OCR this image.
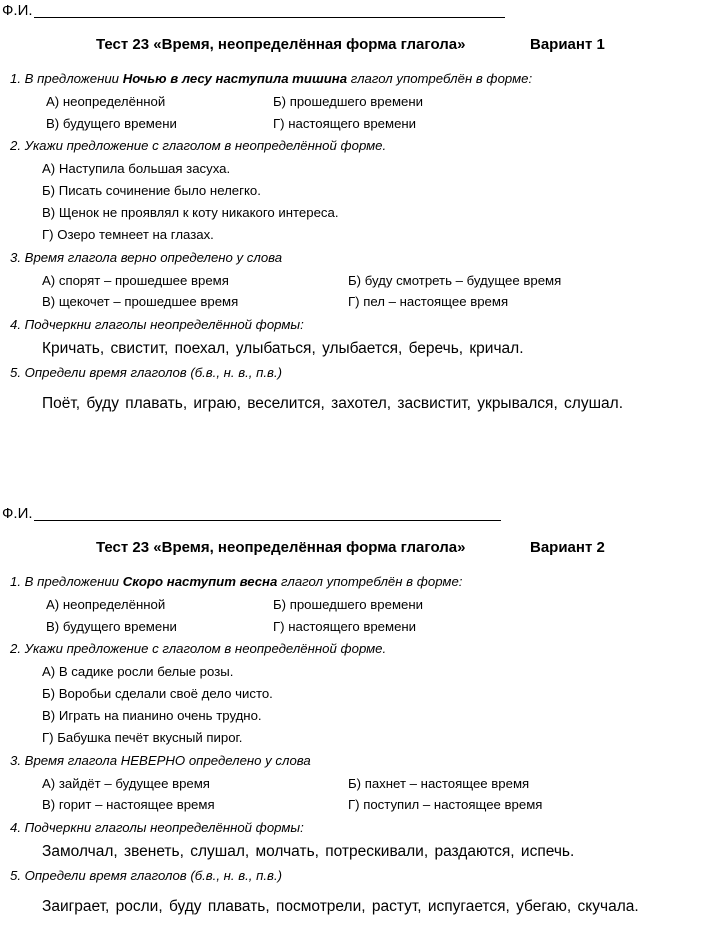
Ф.И.
Тест 23 «Время, неопределённая форма глагола»	Вариант 1
1. В предложении Ночью в лесу наступила тишина глагол употреблён в форме:
А) неопределённой	Б) прошедшего времени
В) будущего времени	Г) настоящего времени
2. Укажи предложение с глаголом в неопределённой форме.
А) Наступила большая засуха.
Б) Писать сочинение было нелегко.
В) Щенок не проявлял к коту никакого интереса.
Г) Озеро темнеет на глазах.
3. Время глагола верно определено у слова
А) спорят – прошедшее время	Б) буду смотреть – будущее время
В) щекочет – прошедшее время	Г) пел – настоящее время
4. Подчеркни глаголы неопределённой формы:
Кричать, свистит, поехал, улыбаться, улыбается, беречь, кричал.
5. Определи время глаголов (б.в., н. в., п.в.)
Поёт, буду плавать, играю, веселится, захотел, засвистит, укрывался, слушал.
Ф.И.
Тест 23 «Время, неопределённая форма глагола»	Вариант 2
1. В предложении Скоро наступит весна глагол употреблён в форме:
А) неопределённой	Б) прошедшего времени
В) будущего времени	Г) настоящего времени
2. Укажи предложение с глаголом в неопределённой форме.
А) В садике росли белые розы.
Б) Воробьи сделали своё дело чисто.
В) Играть на пианино очень трудно.
Г) Бабушка печёт вкусный пирог.
3. Время глагола НЕВЕРНО определено у слова
А) зайдёт – будущее время	Б) пахнет – настоящее время
В) горит – настоящее время	Г) поступил – настоящее время
4. Подчеркни глаголы неопределённой формы:
Замолчал, звенеть, слушал, молчать, потрескивали, раздаются, испечь.
5. Определи время глаголов (б.в., н. в., п.в.)
Заиграет, росли, буду плавать, посмотрели, растут, испугается, убегаю, скучала.
